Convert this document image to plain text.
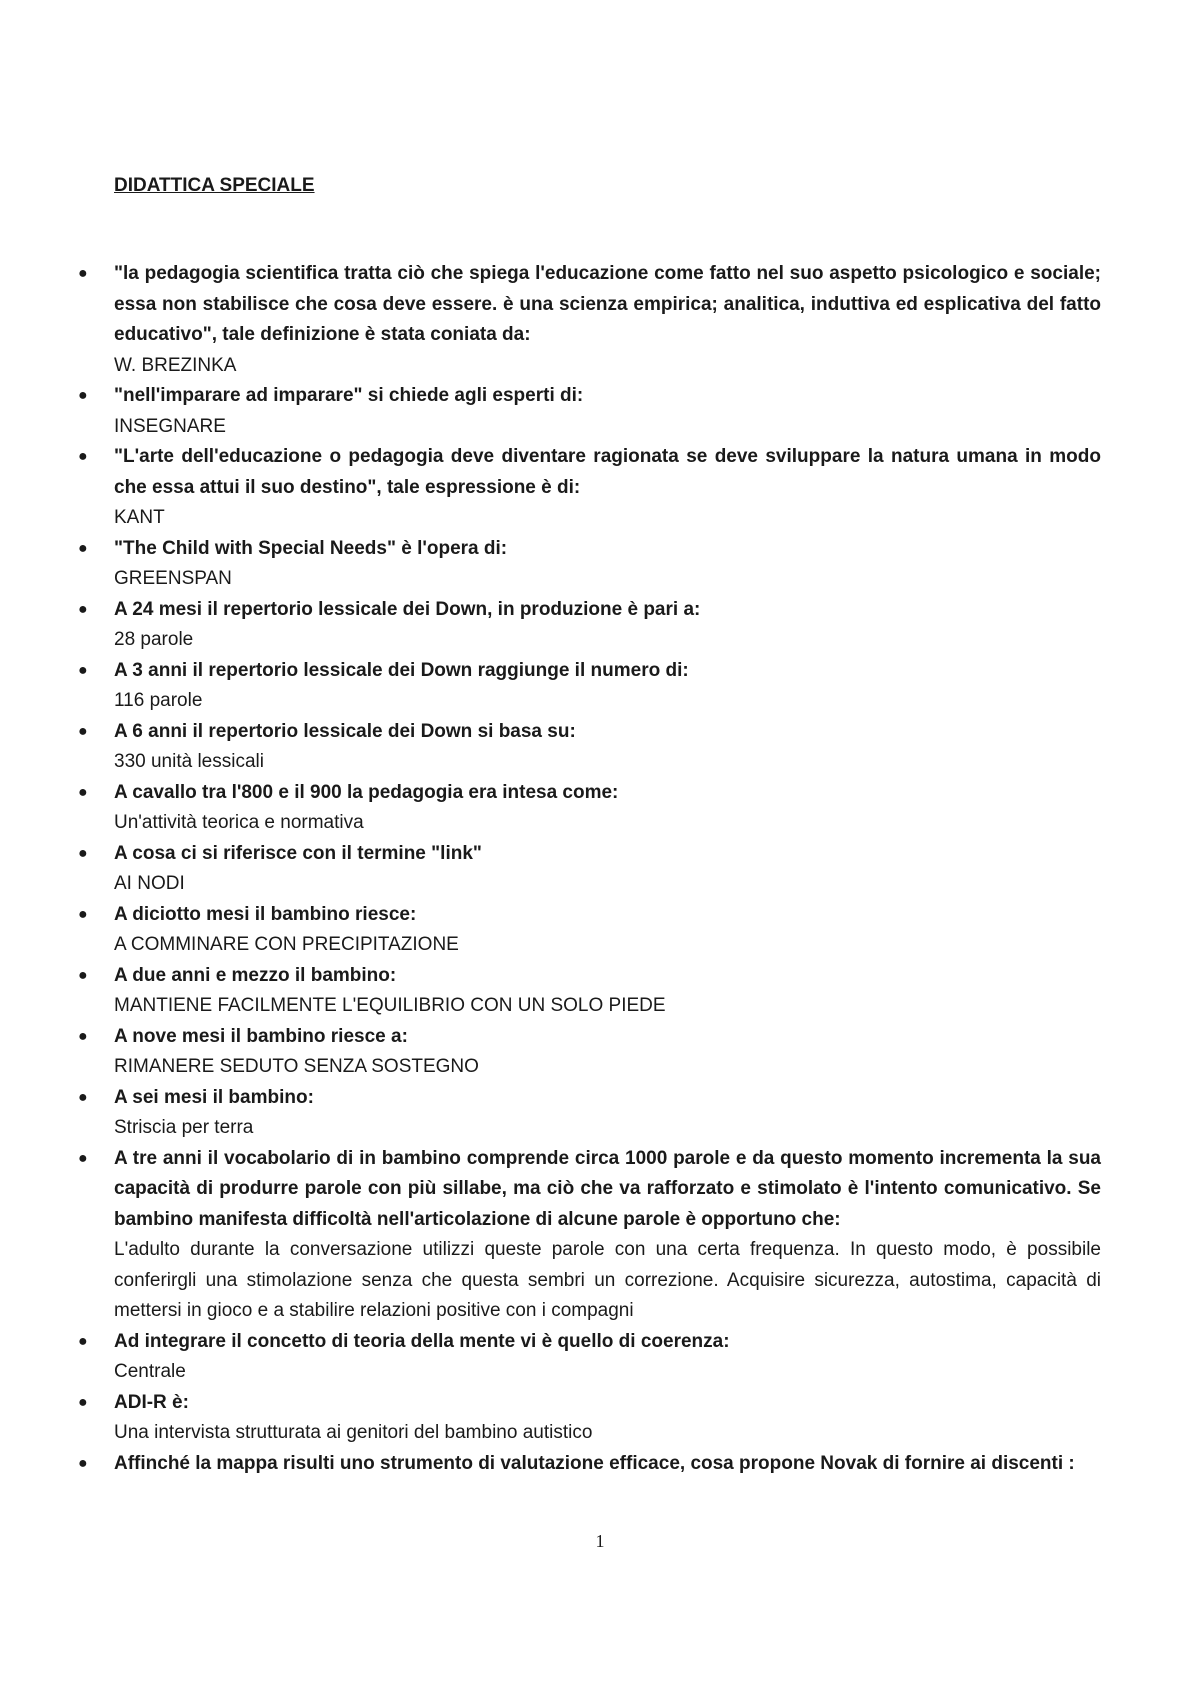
DIDATTICA SPECIALE
● "la pedagogia scientifica tratta ciò che spiega l'educazione come fatto nel suo aspetto psicologico e sociale; essa non stabilisce che cosa deve essere. è una scienza empirica; analitica, induttiva ed esplicativa del fatto educativo", tale definizione è stata coniata da:
W. BREZINKA
● "nell'imparare ad imparare" si chiede agli esperti di:
INSEGNARE
● "L'arte dell'educazione o pedagogia deve diventare ragionata se deve sviluppare la natura umana in modo che essa attui il suo destino", tale espressione è di:
KANT
● "The Child with Special Needs" è l'opera di:
GREENSPAN
● A 24 mesi il repertorio lessicale dei Down, in produzione è pari a:
28 parole
● A 3 anni il repertorio lessicale dei Down raggiunge il numero di:
116 parole
● A 6 anni il repertorio lessicale dei Down si basa su:
330 unità lessicali
● A cavallo tra l'800 e il 900 la pedagogia era intesa come:
Un'attività teorica e normativa
● A cosa ci si riferisce con il termine "link"
AI NODI
● A diciotto mesi il bambino riesce:
A COMMINARE CON PRECIPITAZIONE
● A due anni e mezzo il bambino:
MANTIENE FACILMENTE L'EQUILIBRIO CON UN SOLO PIEDE
● A nove mesi il bambino riesce a:
RIMANERE SEDUTO SENZA SOSTEGNO
● A sei mesi il bambino:
Striscia per terra
● A tre anni il vocabolario di in bambino comprende circa 1000 parole e da questo momento incrementa la sua capacità di produrre parole con più sillabe, ma ciò che va rafforzato e stimolato è l'intento comunicativo. Se bambino manifesta difficoltà nell'articolazione di alcune parole è opportuno che:
L'adulto durante la conversazione utilizzi queste parole con una certa frequenza. In questo modo, è possibile conferirgli una stimolazione senza che questa sembri un correzione. Acquisire sicurezza, autostima, capacità di mettersi in gioco e a stabilire relazioni positive con i compagni
● Ad integrare il concetto di teoria della mente vi è quello di coerenza:
Centrale
● ADI-R è:
Una intervista strutturata ai genitori del bambino autistico
● Affinché la mappa risulti uno strumento di valutazione efficace, cosa propone Novak di fornire ai discenti :
1
